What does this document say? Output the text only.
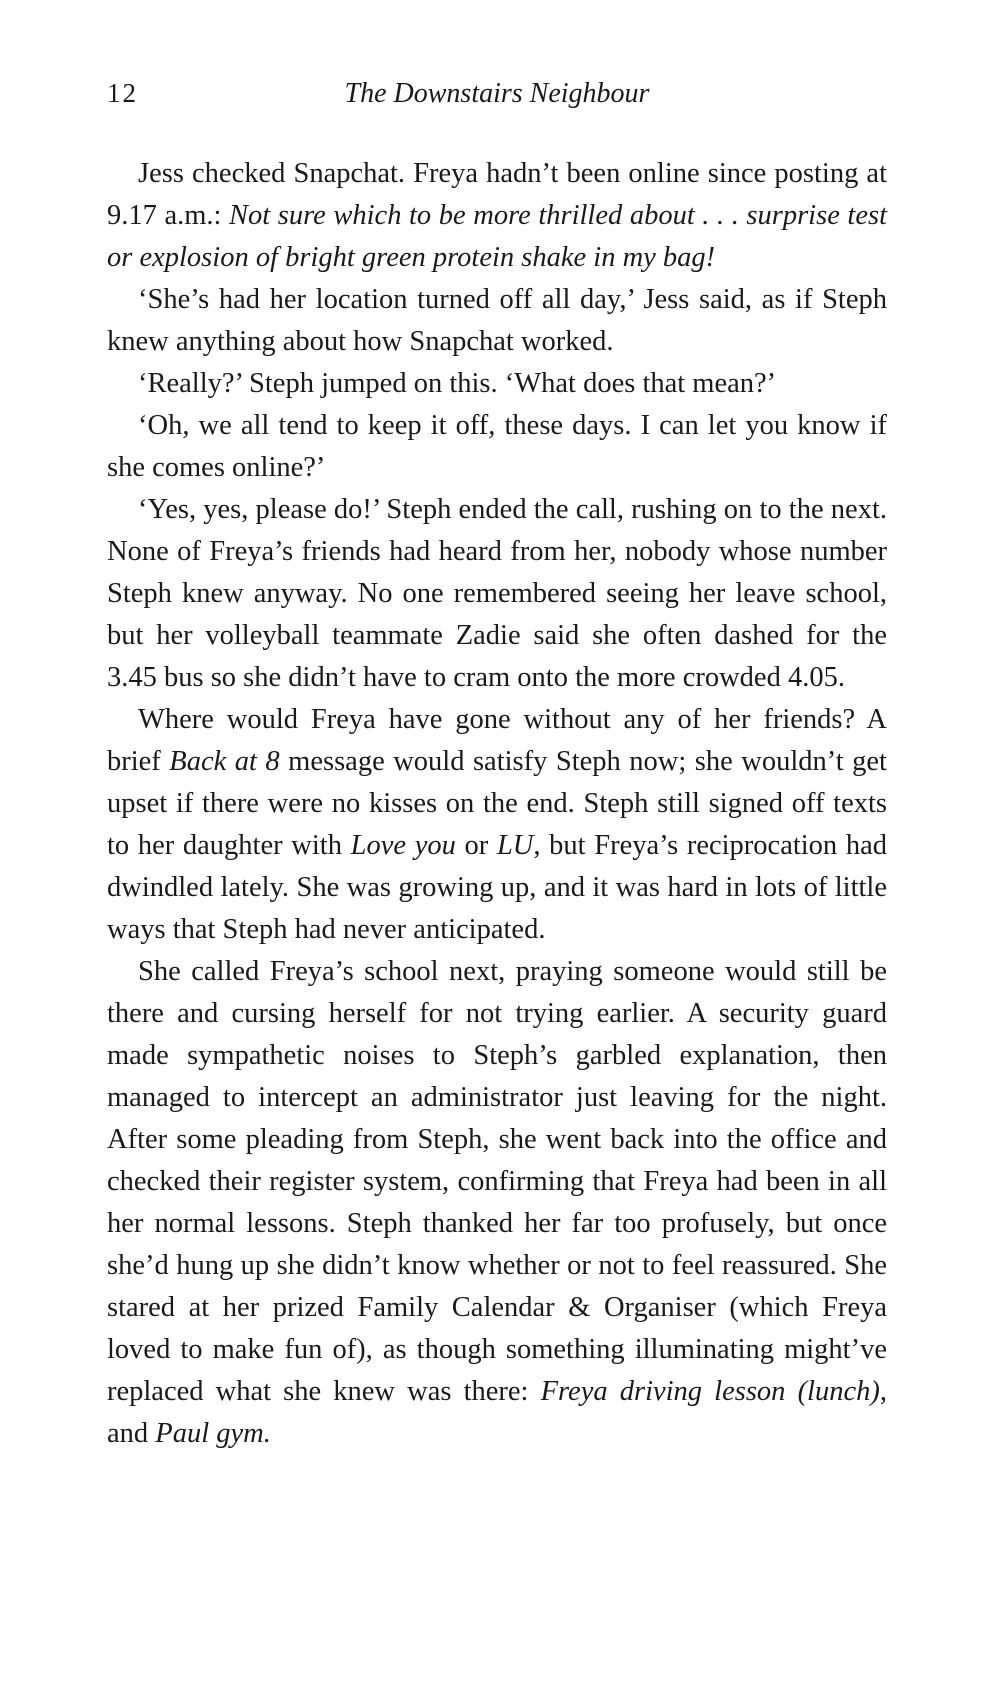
12	The Downstairs Neighbour

Jess checked Snapchat. Freya hadn’t been online since posting at 9.17 a.m.: Not sure which to be more thrilled about . . . surprise test or explosion of bright green protein shake in my bag!

‘She’s had her location turned off all day,’ Jess said, as if Steph knew anything about how Snapchat worked.

‘Really?’ Steph jumped on this. ‘What does that mean?’

‘Oh, we all tend to keep it off, these days. I can let you know if she comes online?’

‘Yes, yes, please do!’ Steph ended the call, rushing on to the next. None of Freya’s friends had heard from her, nobody whose number Steph knew anyway. No one remembered seeing her leave school, but her volleyball teammate Zadie said she often dashed for the 3.45 bus so she didn’t have to cram onto the more crowded 4.05.

Where would Freya have gone without any of her friends? A brief Back at 8 message would satisfy Steph now; she wouldn’t get upset if there were no kisses on the end. Steph still signed off texts to her daughter with Love you or LU, but Freya’s reciprocation had dwindled lately. She was growing up, and it was hard in lots of little ways that Steph had never anticipated.

She called Freya’s school next, praying someone would still be there and cursing herself for not trying earlier. A security guard made sympathetic noises to Steph’s garbled explanation, then managed to intercept an administrator just leaving for the night. After some pleading from Steph, she went back into the office and checked their register system, confirming that Freya had been in all her normal lessons. Steph thanked her far too profusely, but once she’d hung up she didn’t know whether or not to feel reassured. She stared at her prized Family Calendar & Organiser (which Freya loved to make fun of), as though something illuminating might’ve replaced what she knew was there: Freya driving lesson (lunch), and Paul gym.
